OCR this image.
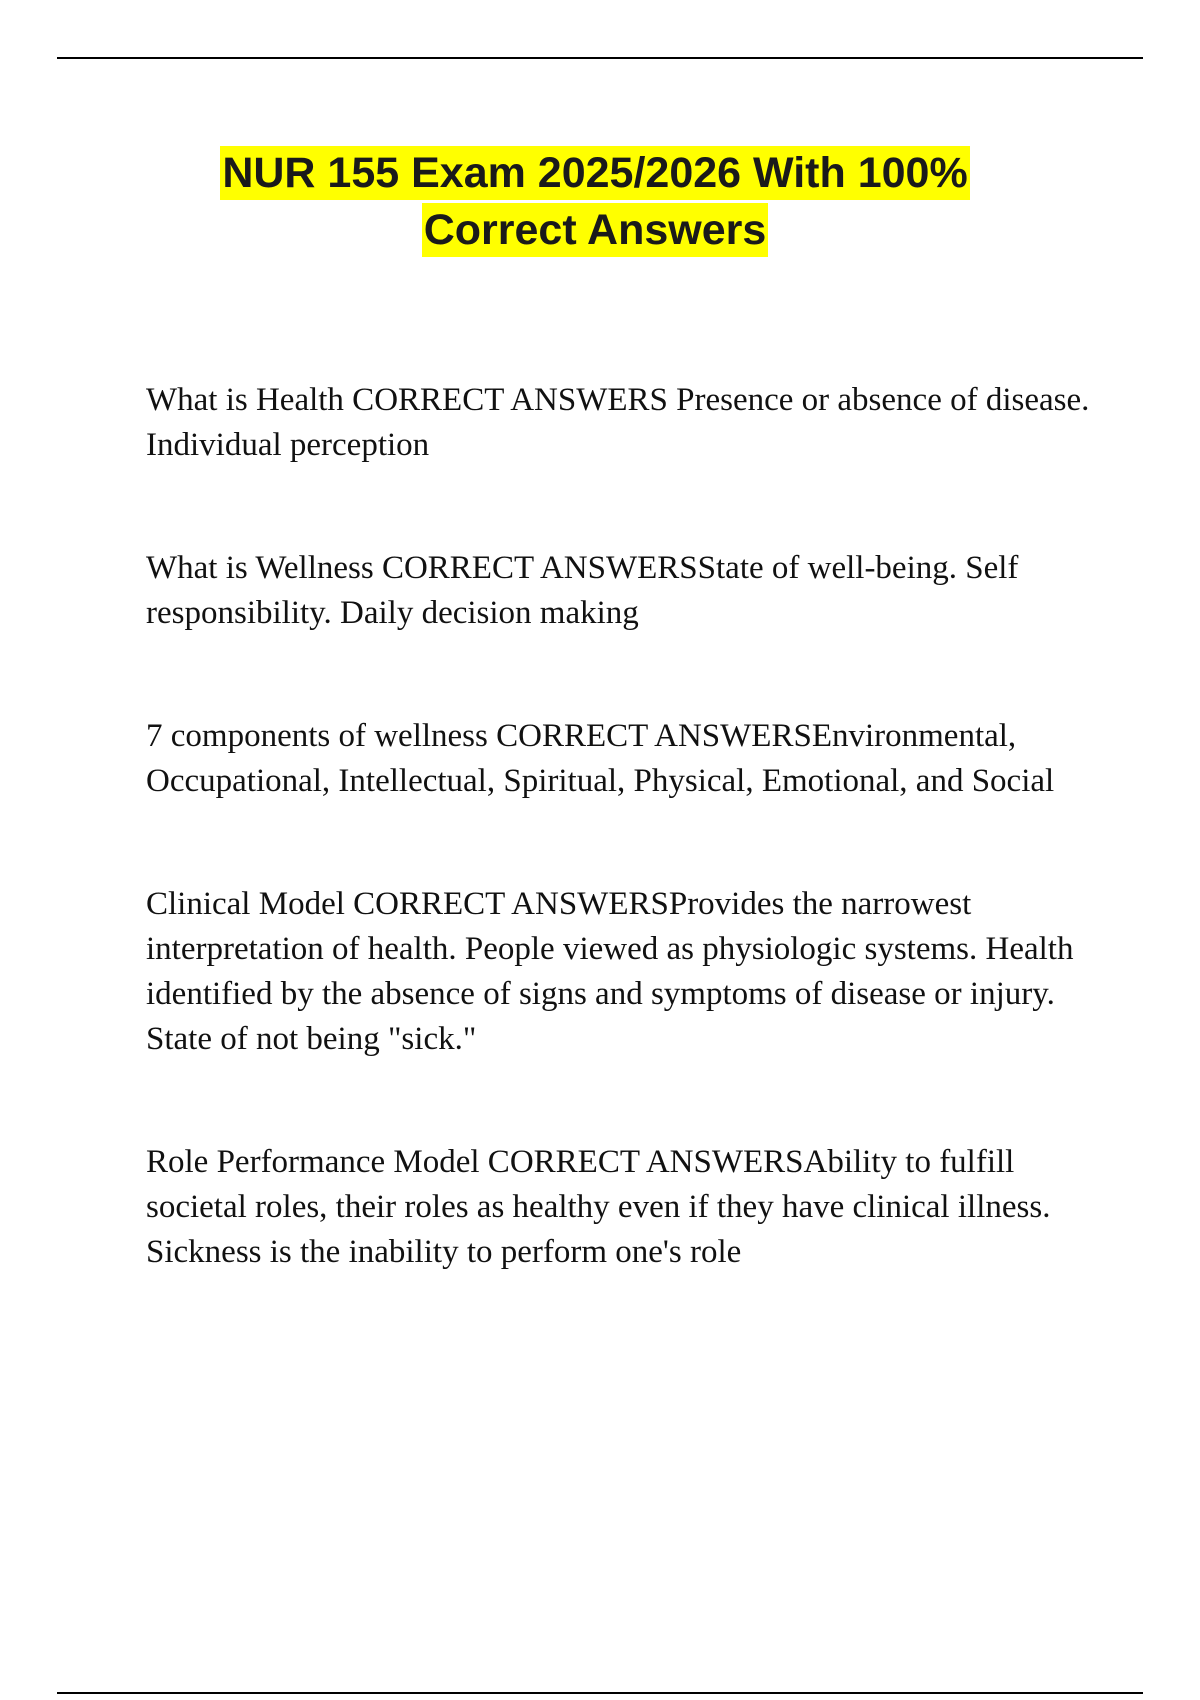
NUR 155 Exam 2025/2026 With 100%
Correct Answers
What is Health CORRECT ANSWERS Presence or absence of disease. Individual perception
What is Wellness CORRECT ANSWERSState of well-being. Self responsibility. Daily decision making
7 components of wellness CORRECT ANSWERSEnvironmental, Occupational, Intellectual, Spiritual, Physical, Emotional, and Social
Clinical Model CORRECT ANSWERSProvides the narrowest interpretation of health. People viewed as physiologic systems. Health identified by the absence of signs and symptoms of disease or injury. State of not being "sick."
Role Performance Model CORRECT ANSWERSAbility to fulfill societal roles, their roles as healthy even if they have clinical illness. Sickness is the inability to perform one's role
